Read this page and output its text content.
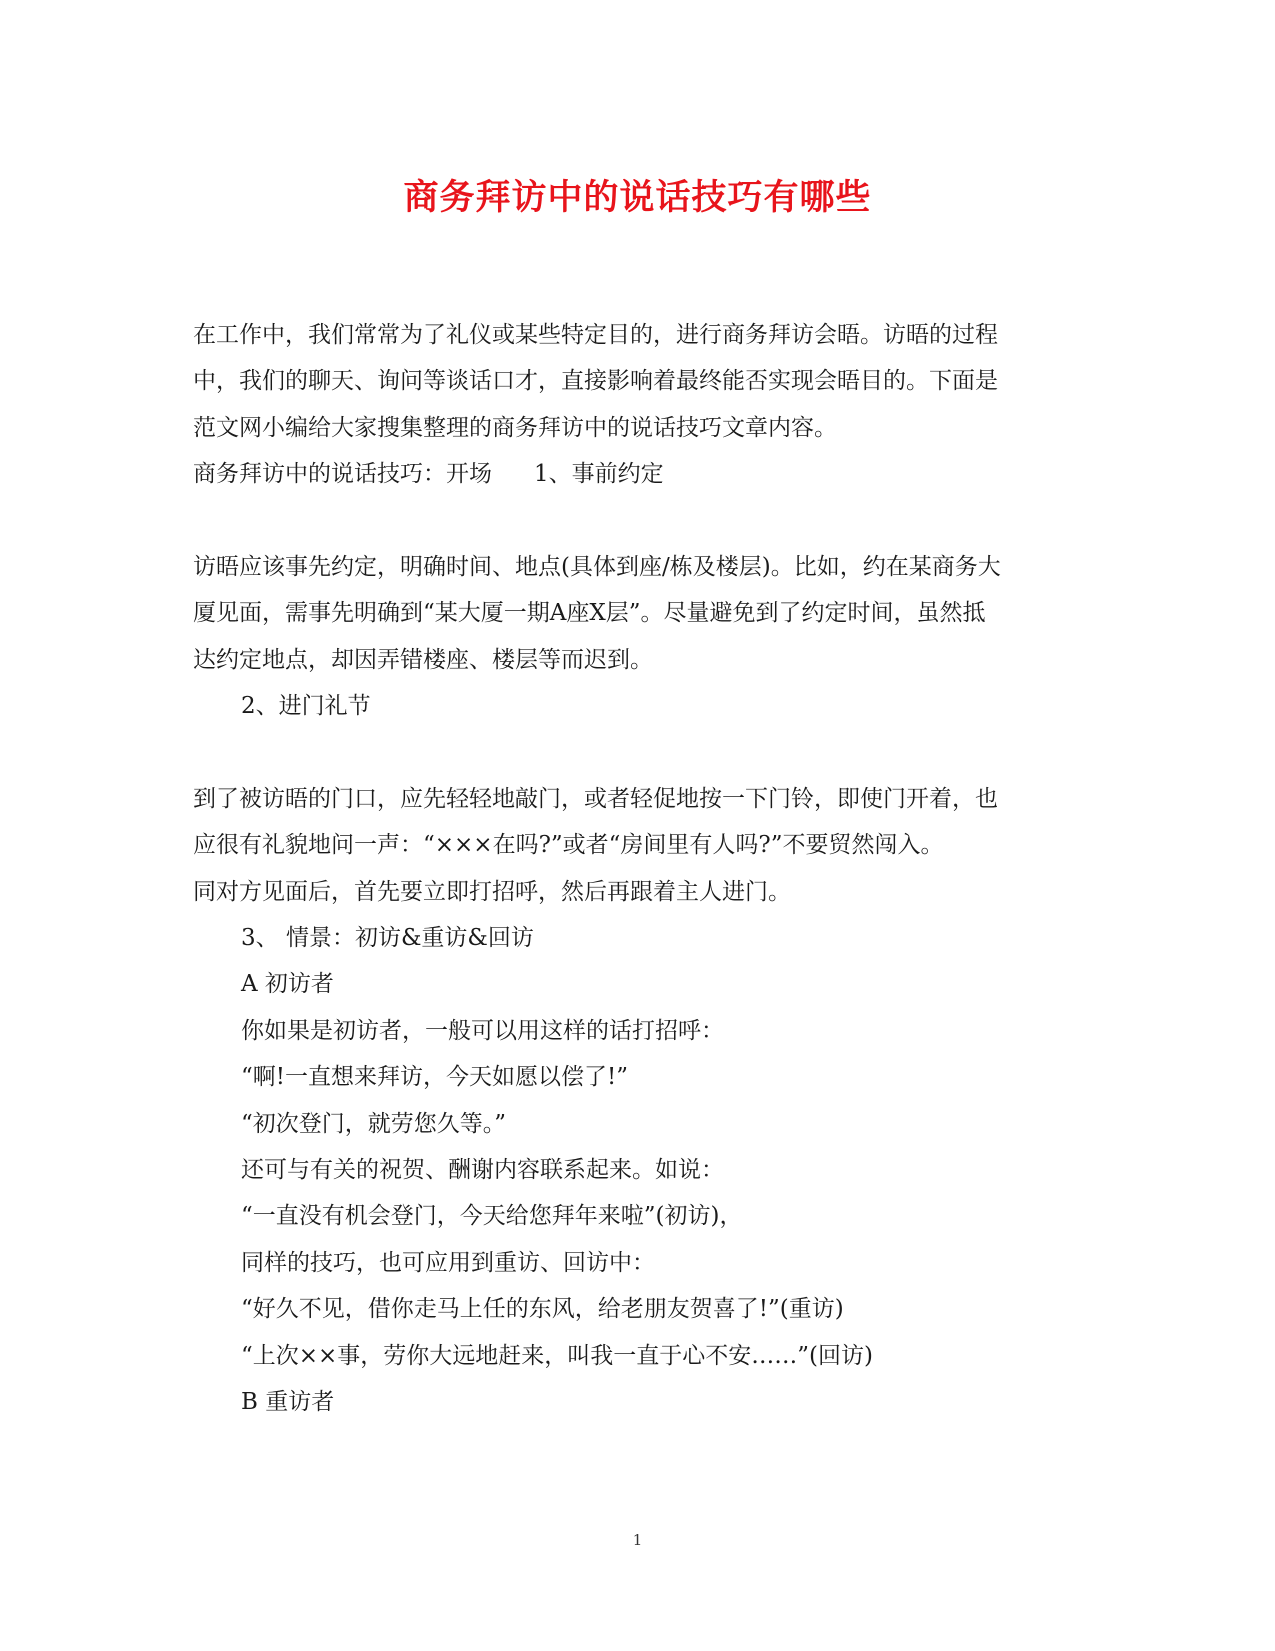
商务拜访中的说话技巧有哪些
在工作中，我们常常为了礼仪或某些特定目的，进行商务拜访会晤。访晤的过程
中，我们的聊天、询问等谈话口才，直接影响着最终能否实现会晤目的。下面是
范文网小编给大家搜集整理的商务拜访中的说话技巧文章内容。
商务拜访中的说话技巧：开场 1、事前约定
访晤应该事先约定，明确时间、地点(具体到座/栋及楼层)。比如，约在某商务大
厦见面，需事先明确到“某大厦一期A座X层”。尽量避免到了约定时间，虽然抵
达约定地点，却因弄错楼座、楼层等而迟到。
2、进门礼节
到了被访晤的门口，应先轻轻地敲门，或者轻促地按一下门铃，即使门开着，也
应很有礼貌地问一声：“×××在吗?”或者“房间里有人吗?”不要贸然闯入。
同对方见面后，首先要立即打招呼，然后再跟着主人进门。
3、 情景：初访&重访&回访
A 初访者
你如果是初访者，一般可以用这样的话打招呼：
“啊!一直想来拜访，今天如愿以偿了!”
“初次登门，就劳您久等。”
还可与有关的祝贺、酬谢内容联系起来。如说：
“一直没有机会登门，今天给您拜年来啦”(初访)，
同样的技巧，也可应用到重访、回访中：
“好久不见，借你走马上任的东风，给老朋友贺喜了!”(重访)
“上次××事，劳你大远地赶来，叫我一直于心不安……”(回访)
B 重访者
1
